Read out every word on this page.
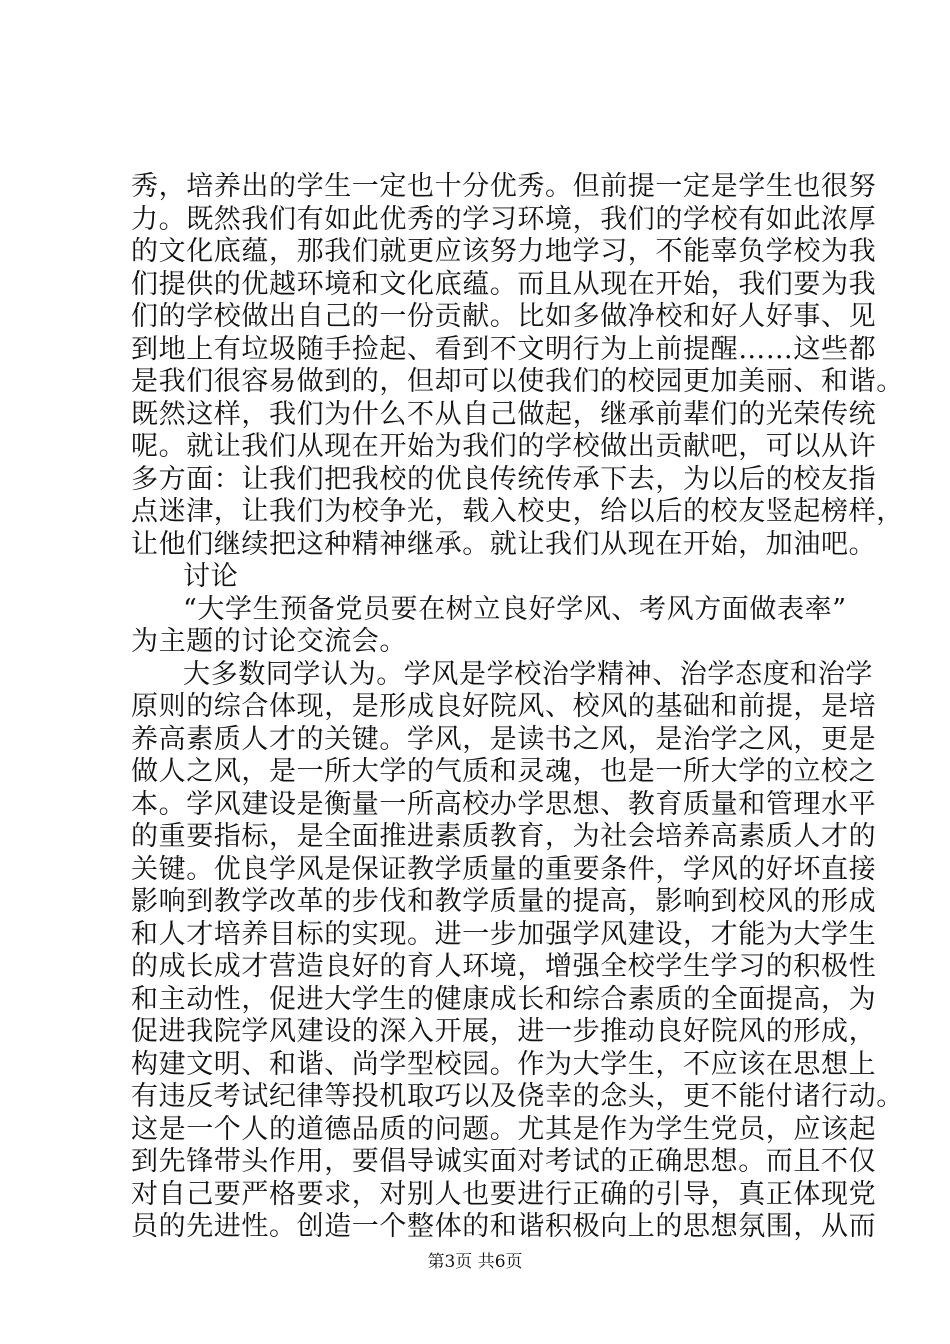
秀，培养出的学生一定也十分优秀。但前提一定是学生也很努
力。既然我们有如此优秀的学习环境，我们的学校有如此浓厚
的文化底蕴，那我们就更应该努力地学习，不能辜负学校为我
们提供的优越环境和文化底蕴。而且从现在开始，我们要为我
们的学校做出自己的一份贡献。比如多做净校和好人好事、见
到地上有垃圾随手捡起、看到不文明行为上前提醒……这些都
是我们很容易做到的，但却可以使我们的校园更加美丽、和谐。
既然这样，我们为什么不从自己做起，继承前辈们的光荣传统
呢。就让我们从现在开始为我们的学校做出贡献吧，可以从许
多方面：让我们把我校的优良传统传承下去，为以后的校友指
点迷津，让我们为校争光，载入校史，给以后的校友竖起榜样，
让他们继续把这种精神继承。就让我们从现在开始，加油吧。
讨论
“大学生预备党员要在树立良好学风、考风方面做表率”
为主题的讨论交流会。
大多数同学认为。学风是学校治学精神、治学态度和治学
原则的综合体现，是形成良好院风、校风的基础和前提，是培
养高素质人才的关键。学风，是读书之风，是治学之风，更是
做人之风，是一所大学的气质和灵魂，也是一所大学的立校之
本。学风建设是衡量一所高校办学思想、教育质量和管理水平
的重要指标，是全面推进素质教育，为社会培养高素质人才的
关键。优良学风是保证教学质量的重要条件，学风的好坏直接
影响到教学改革的步伐和教学质量的提高，影响到校风的形成
和人才培养目标的实现。进一步加强学风建设，才能为大学生
的成长成才营造良好的育人环境，增强全校学生学习的积极性
和主动性，促进大学生的健康成长和综合素质的全面提高，为
促进我院学风建设的深入开展，进一步推动良好院风的形成，
构建文明、和谐、尚学型校园。作为大学生，不应该在思想上
有违反考试纪律等投机取巧以及侥幸的念头，更不能付诸行动。
这是一个人的道德品质的问题。尤其是作为学生党员，应该起
到先锋带头作用，要倡导诚实面对考试的正确思想。而且不仅
对自己要严格要求，对别人也要进行正确的引导，真正体现党
员的先进性。创造一个整体的和谐积极向上的思想氛围，从而
第3页 共6页
